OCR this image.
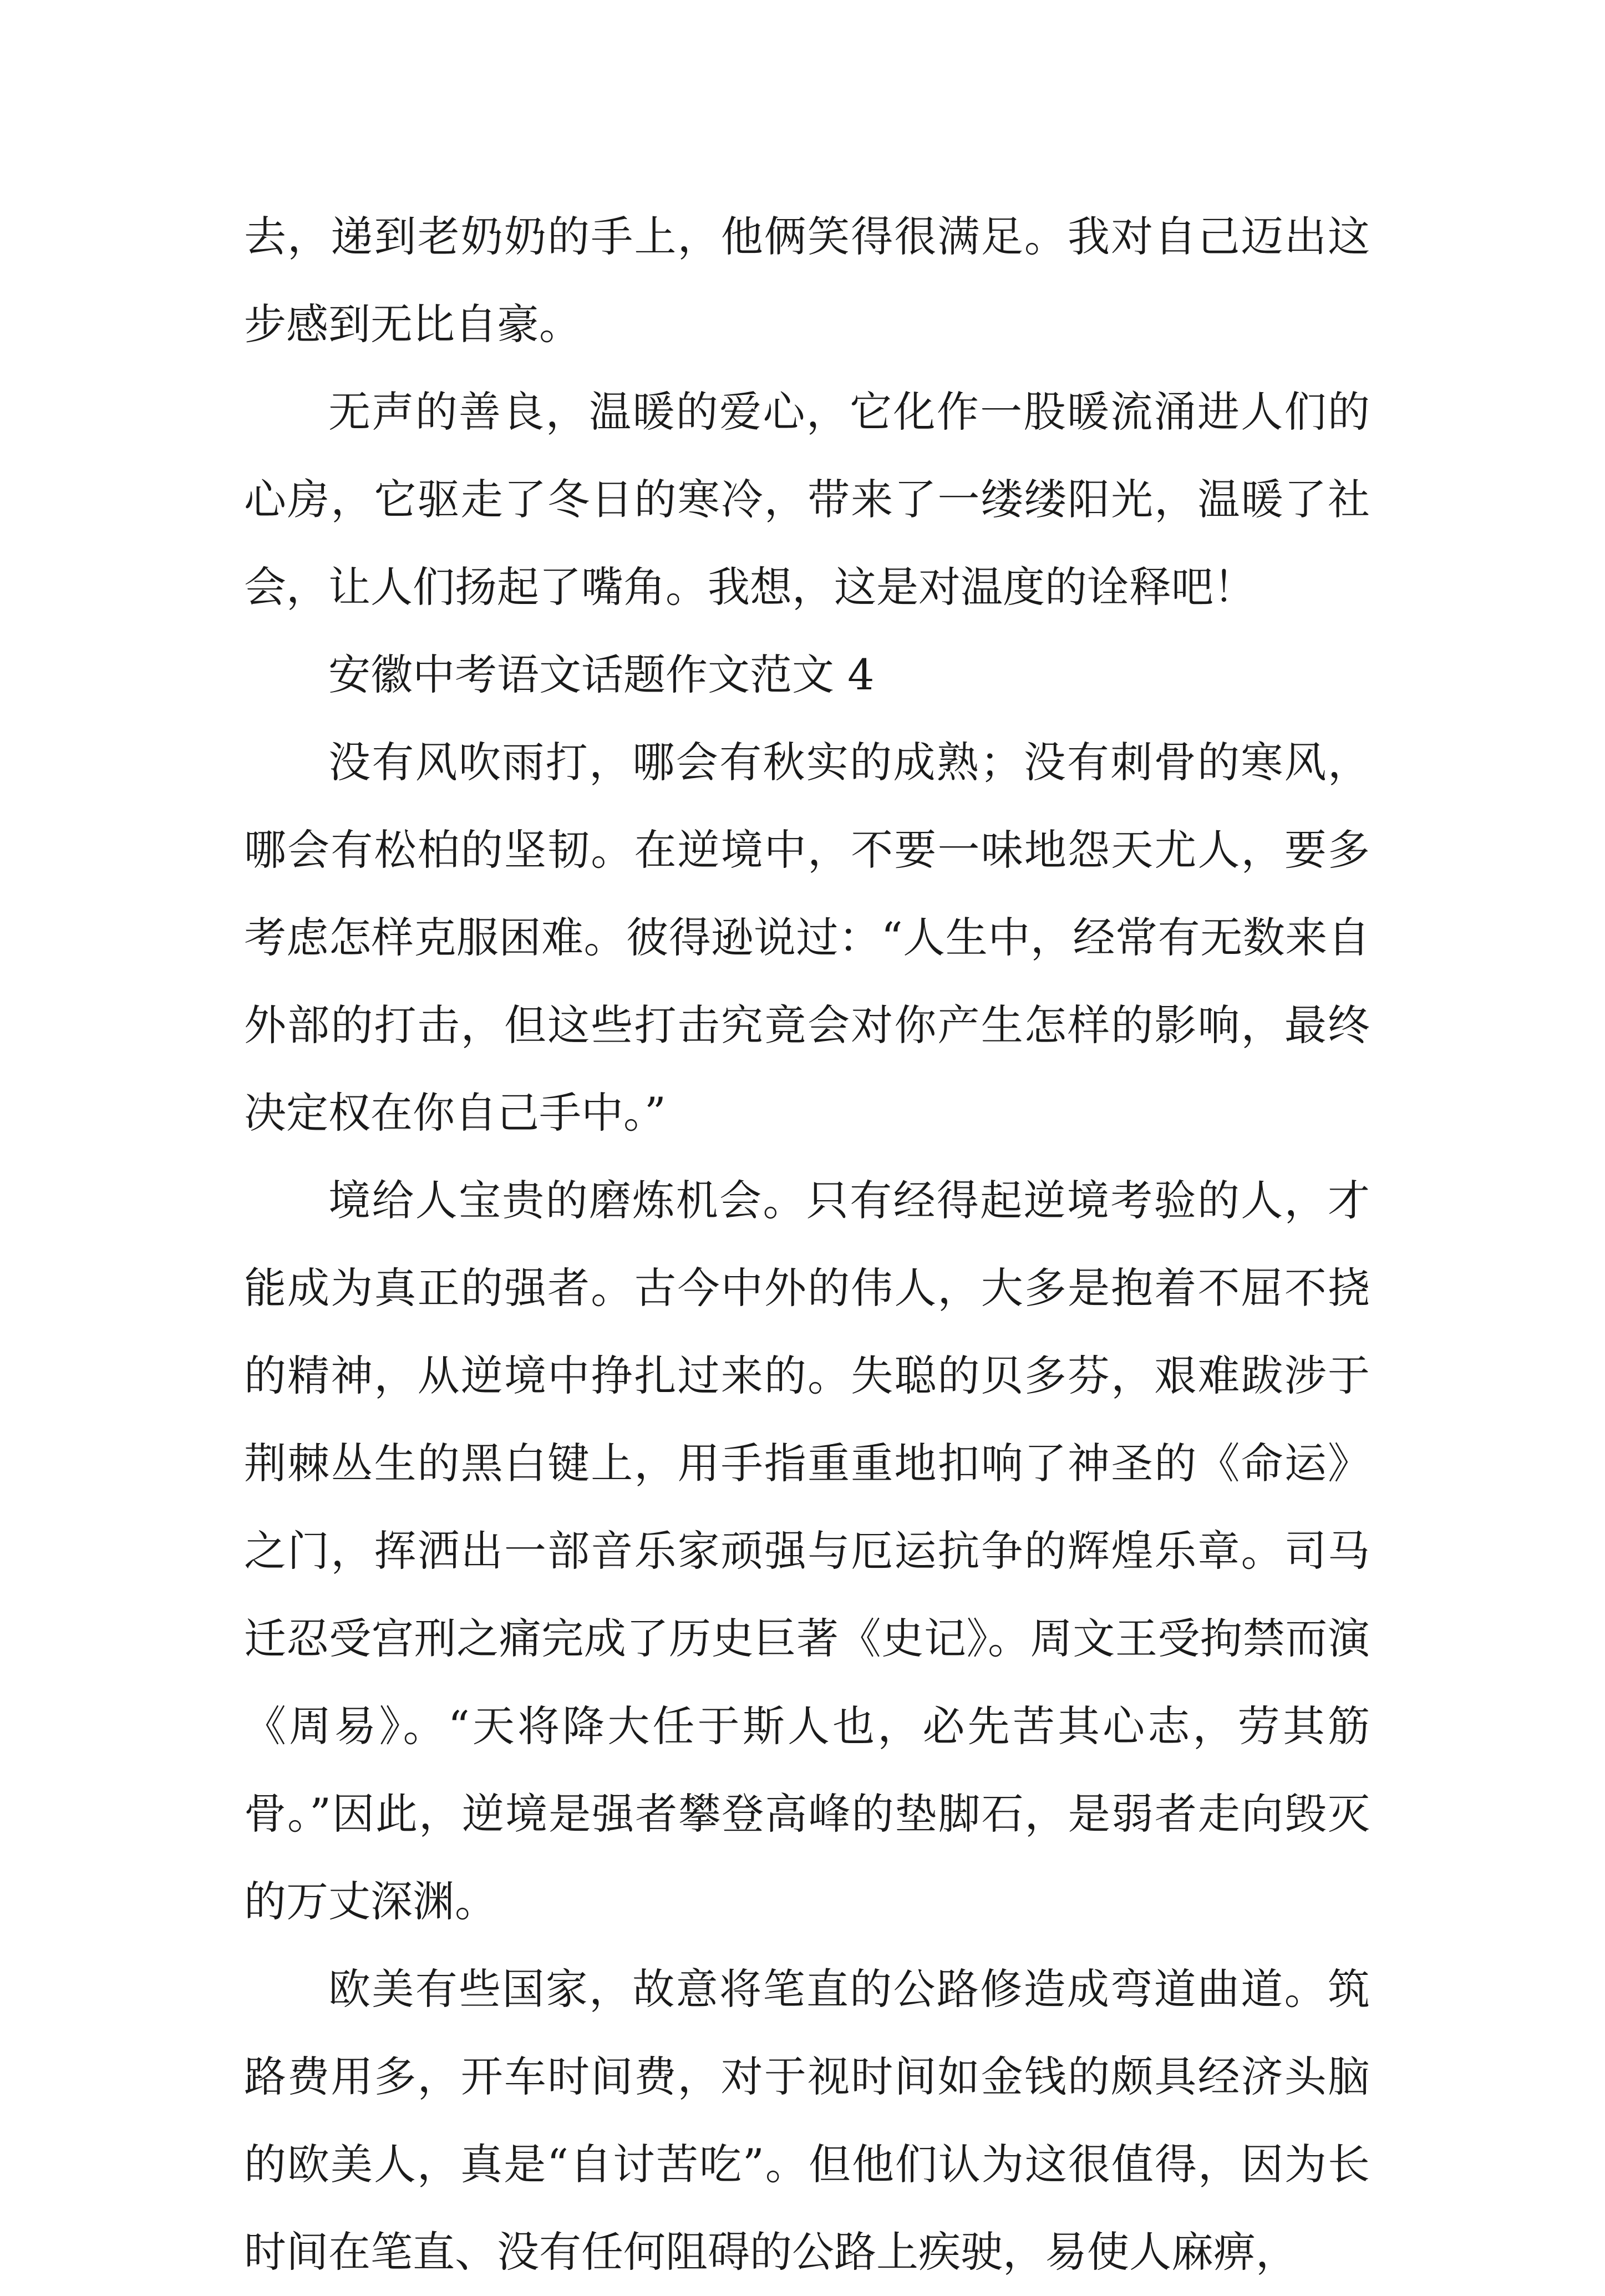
去，递到老奶奶的手上，他俩笑得很满足。我对自己迈出这步感到无比自豪。

无声的善良，温暖的爱心，它化作一股暖流涌进人们的心房，它驱走了冬日的寒冷，带来了一缕缕阳光，温暖了社会，让人们扬起了嘴角。我想，这是对温度的诠释吧！

安徽中考语文话题作文范文 4

没有风吹雨打，哪会有秋实的成熟；没有刺骨的寒风，哪会有松柏的坚韧。在逆境中，不要一味地怨天尤人，要多考虑怎样克服困难。彼得逊说过：“人生中，经常有无数来自外部的打击，但这些打击究竟会对你产生怎样的影响，最终决定权在你自己手中。”

境给人宝贵的磨炼机会。只有经得起逆境考验的人，才能成为真正的强者。古今中外的伟人，大多是抱着不屈不挠的精神，从逆境中挣扎过来的。失聪的贝多芬，艰难跋涉于荆棘丛生的黑白键上，用手指重重地扣响了神圣的《命运》之门，挥洒出一部音乐家顽强与厄运抗争的辉煌乐章。司马迁忍受宫刑之痛完成了历史巨著《史记》。周文王受拘禁而演《周易》。“天将降大任于斯人也，必先苦其心志，劳其筋骨。”因此，逆境是强者攀登高峰的垫脚石，是弱者走向毁灭的万丈深渊。

欧美有些国家，故意将笔直的公路修造成弯道曲道。筑路费用多，开车时间费，对于视时间如金钱的颇具经济头脑的欧美人，真是“自讨苦吃”。但他们认为这很值得，因为长时间在笔直、没有任何阻碍的公路上疾驶，易使人麻痹，
